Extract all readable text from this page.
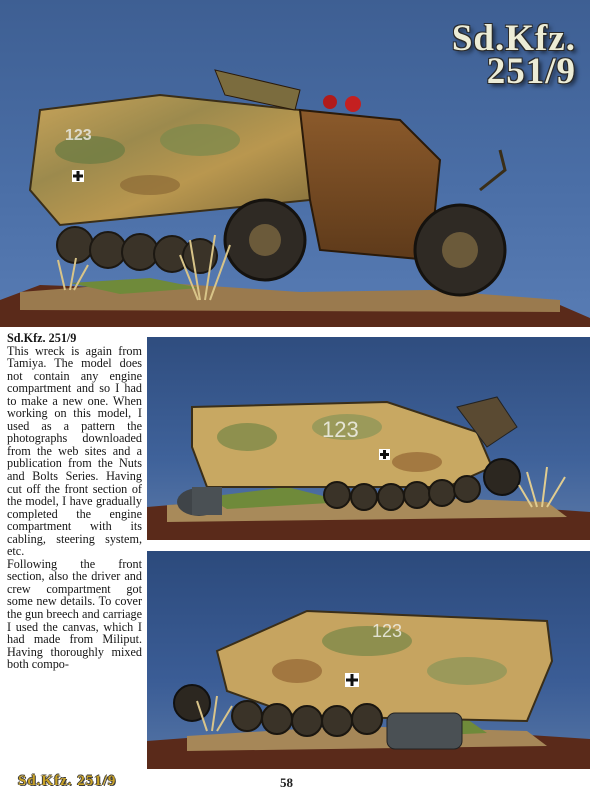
123
Sd.Kfz.
251/9
Sd.Kfz. 251/9

This wreck is again from Tamiya. The model does not contain any engine compartment and so I had to make a new one. When working on this model, I used as a pattern the photographs downloaded from the web sites and a publication from the Nuts and Bolts Series. Having cut off the front section of the model, I have gradually completed the engine compartment with its cabling, steering system, etc.

Following the front section, also the driver and crew compartment got some new details. To cover the gun breech and carriage I used the canvas, which I had made from Miliput. Having thoroughly mixed both compo-

123
123
Sd.Kfz. 251/9	58
